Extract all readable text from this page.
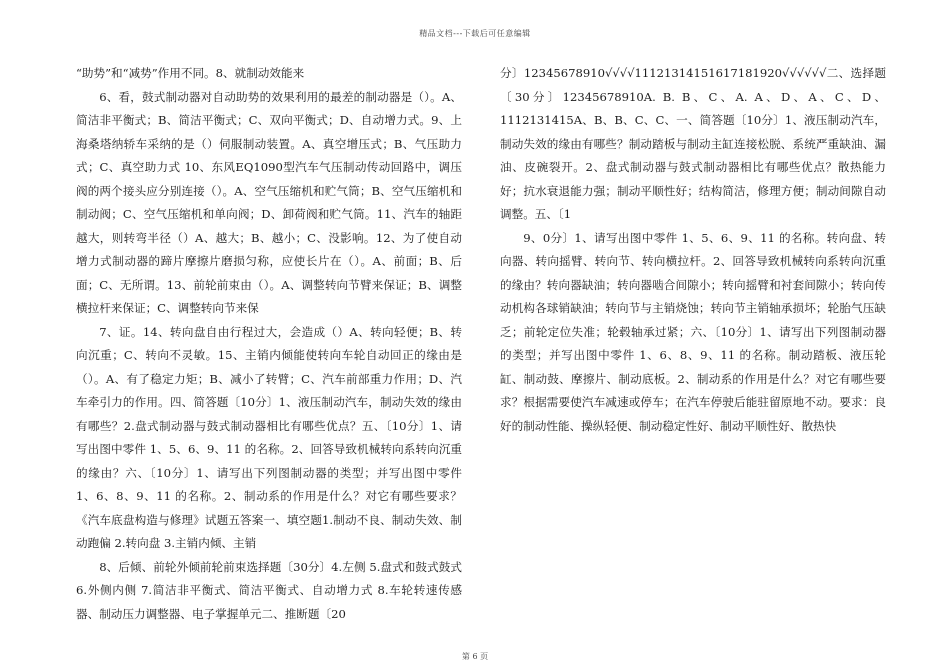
精品文档---下载后可任意编辑

“助势”和“减势”作用不同。8、就制动效能来

6、看，鼓式制动器对自动助势的效果利用的最差的制动器是（）。A、简洁非平衡式；B、简洁平衡式；C、双向平衡式；D、自动增力式。9、上海桑塔纳轿车采纳的是（）伺服制动装置。A、真空增压式；B、气压助力式；C、真空助力式 10、东风EQ1090型汽车气压制动传动回路中，调压阀的两个接头应分别连接（）。A、空气压缩机和贮气筒；B、空气压缩机和制动阀；C、空气压缩机和单向阀；D、卸荷阀和贮气筒。11、汽车的轴距越大，则转弯半径（）A、越大；B、越小；C、没影响。12、为了使自动增力式制动器的蹄片摩擦片磨损匀称，应使长片在（）。A、前面；B、后面；C、无所谓。13、前轮前束由（）。A、调整转向节臂来保证；B、调整横拉杆来保证；C、调整转向节来保

7、证。14、转向盘自由行程过大，会造成（）A、转向轻便；B、转向沉重；C、转向不灵敏。15、主销内倾能使转向车轮自动回正的缘由是（）。A、有了稳定力矩；B、减小了转臂；C、汽车前部重力作用；D、汽车牵引力的作用。四、简答题〔10分〕1、液压制动汽车，制动失效的缘由有哪些？2.盘式制动器与鼓式制动器相比有哪些优点？五、〔10分〕1、请写出图中零件 1、5、6、9、11 的名称。2、回答导致机械转向系转向沉重的缘由？六、〔10分〕1、请写出下列图制动器的类型；并写出图中零件 1、6、8、9、11 的名称。2、制动系的作用是什么？对它有哪些要求？《汽车底盘构造与修理》试题五答案一、填空题1.制动不良、制动失效、制动跑偏 2.转向盘 3.主销内倾、主销

8、后倾、前轮外倾前轮前束选择题〔30分〕4.左侧 5.盘式和鼓式鼓式 6.外侧内侧 7.简洁非平衡式、简洁平衡式、自动增力式 8.车轮转速传感器、制动压力调整器、电子掌握单元二、推断题〔20

分〕12345678910√√√√11121314151617181920√√√√√√二、选择题〔30分〕12345678910A. B. B、C、A. A、D、A、C、D、1112131415A、B、B、C、C、一、简答题〔10分〕1、液压制动汽车，制动失效的缘由有哪些？制动踏板与制动主缸连接松脱、系统严重缺油、漏油、皮碗裂开。2、盘式制动器与鼓式制动器相比有哪些优点？散热能力好；抗水衰退能力强；制动平顺性好；结构简洁，修理方便；制动间隙自动调整。五、〔1

9、0分〕1、请写出图中零件 1、5、6、9、11 的名称。转向盘、转向器、转向摇臂、转向节、转向横拉杆。2、回答导致机械转向系转向沉重的缘由？转向器缺油；转向器啮合间隙小；转向摇臂和衬套间隙小；转向传动机构各球销缺油；转向节与主销烧蚀；转向节主销轴承损坏；轮胎气压缺乏；前轮定位失准；轮毂轴承过紧；六、〔10分〕1、请写出下列图制动器的类型；并写出图中零件 1、6、8、9、11 的名称。制动踏板、液压轮缸、制动鼓、摩擦片、制动底板。2、制动系的作用是什么？对它有哪些要求？根据需要使汽车减速或停车；在汽车停驶后能驻留原地不动。要求：良好的制动性能、操纵轻便、制动稳定性好、制动平顺性好、散热快

第 6 页
